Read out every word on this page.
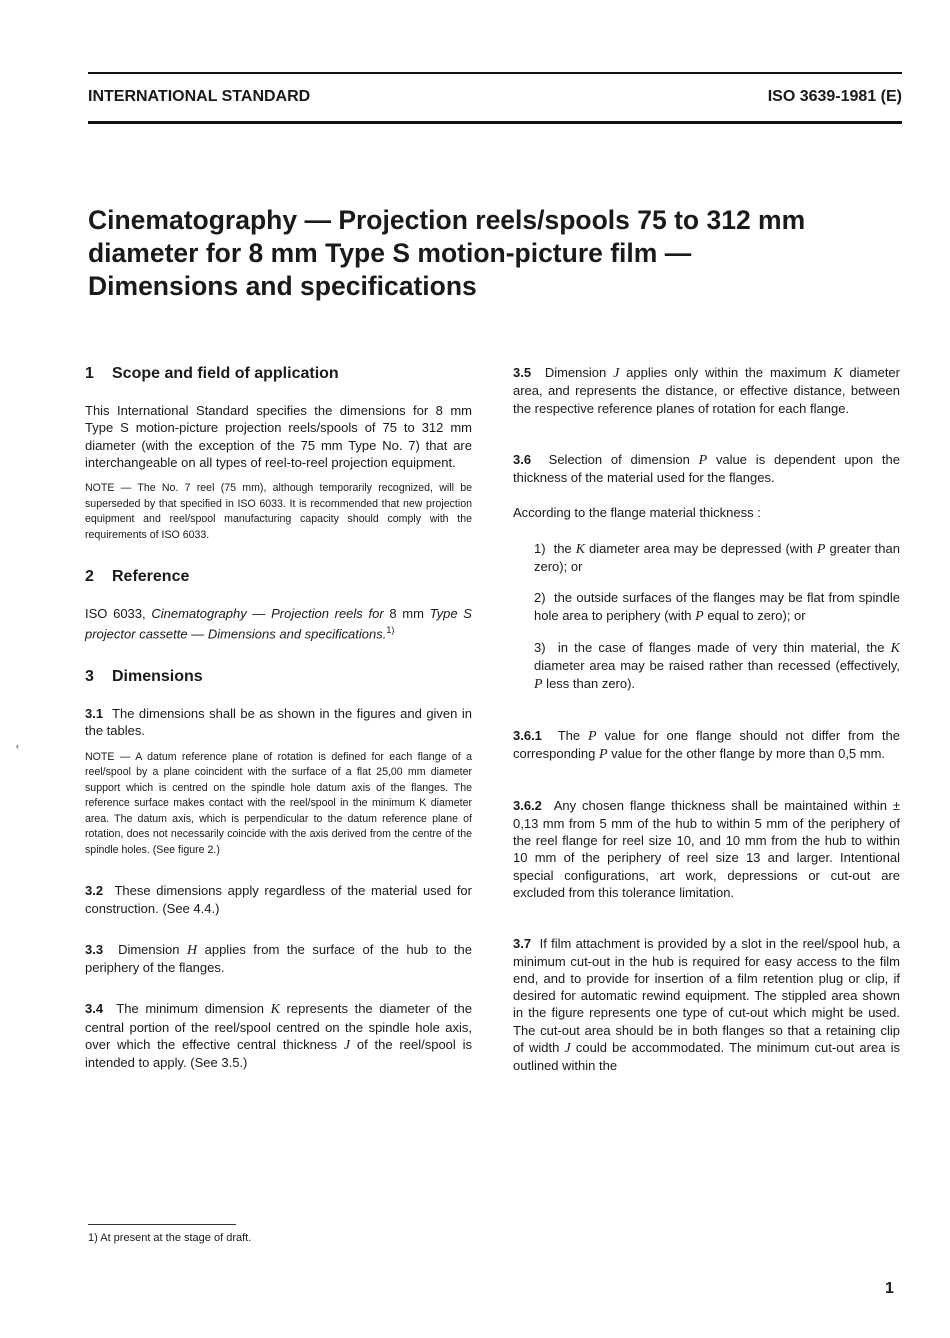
INTERNATIONAL STANDARD	ISO 3639-1981 (E)
Cinematography — Projection reels/spools 75 to 312 mm
diameter for 8 mm Type S motion-picture film —
Dimensions and specifications
‹
1 Scope and field of application

This International Standard specifies the dimensions for 8 mm Type S motion-picture projection reels/spools of 75 to 312 mm diameter (with the exception of the 75 mm Type No. 7) that are interchangeable on all types of reel-to-reel projection equipment.

NOTE — The No. 7 reel (75 mm), although temporarily recognized, will be superseded by that specified in ISO 6033. It is recommended that new projection equipment and reel/spool manufacturing capacity should comply with the requirements of ISO 6033.

2 Reference

ISO 6033, Cinematography — Projection reels for 8 mm Type S projector cassette — Dimensions and specifications.$^{1)}$

3 Dimensions

3.1 The dimensions shall be as shown in the figures and given in the tables.

NOTE — A datum reference plane of rotation is defined for each flange of a reel/spool by a plane coincident with the surface of a flat 25,00 mm diameter support which is centred on the spindle hole datum axis of the flanges. The reference surface makes contact with the reel/spool in the minimum K diameter area. The datum axis, which is perpendicular to the datum reference plane of rotation, does not necessarily coincide with the axis derived from the centre of the spindle holes. (See figure 2.)

3.2 These dimensions apply regardless of the material used for construction. (See 4.4.)

3.3 Dimension H applies from the surface of the hub to the periphery of the flanges.

3.4 The minimum dimension K represents the diameter of the central portion of the reel/spool centred on the spindle hole axis, over which the effective central thickness J of the reel/spool is intended to apply. (See 3.5.)

3.5 Dimension J applies only within the maximum K diameter area, and represents the distance, or effective distance, between the respective reference planes of rotation for each flange.

3.6 Selection of dimension P value is dependent upon the thickness of the material used for the flanges.

According to the flange material thickness :

1) the K diameter area may be depressed (with P greater than zero); or

2) the outside surfaces of the flanges may be flat from spindle hole area to periphery (with P equal to zero); or

3) in the case of flanges made of very thin material, the K diameter area may be raised rather than recessed (effectively, P less than zero).

3.6.1 The P value for one flange should not differ from the corresponding P value for the other flange by more than 0,5 mm.

3.6.2 Any chosen flange thickness shall be maintained within ± 0,13 mm from 5 mm of the hub to within 5 mm of the periphery of the reel flange for reel size 10, and 10 mm from the hub to within 10 mm of the periphery of reel size 13 and larger. Intentional special configurations, art work, depressions or cut-out are excluded from this tolerance limitation.

3.7 If film attachment is provided by a slot in the reel/spool hub, a minimum cut-out in the hub is required for easy access to the film end, and to provide for insertion of a film retention plug or clip, if desired for automatic rewind equipment. The stippled area shown in the figure represents one type of cut-out which might be used. The cut-out area should be in both flanges so that a retaining clip of width J could be accommodated. The minimum cut-out area is outlined within the

1) At present at the stage of draft.
1
